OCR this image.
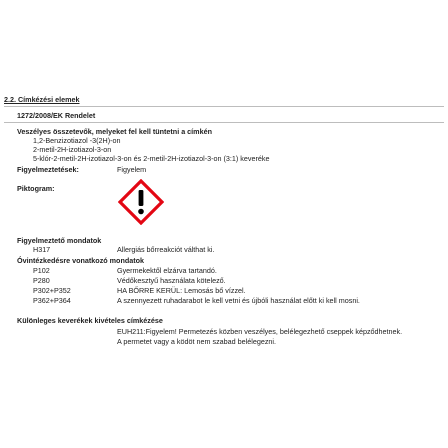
2.2. Címkézési elemek
1272/2008/EK Rendelet
Veszélyes összetevők, melyeket fel kell tüntetni a címkén
1,2-Benzizotiazol -3(2H)-on
2-metil-2H-izotiazol-3-on
5-klór-2-metil-2H-izotiazol-3-on és 2-metil-2H-izotiazol-3-on (3:1) keveréke
Figyelmeztetések:	Figyelem
Piktogram:
Figyelmeztető mondatok
H317	Allergiás bőrreakciót válthat ki.
Óvintézkedésre vonatkozó mondatok
P102	Gyermekektől elzárva tartandó.
P280	Védőkesztyű használata kötelező.
P302+P352	HA BŐRRE KERÜL: Lemosás bő vízzel.
P362+P364	A szennyezett ruhadarabot le kell vetni és újbóli használat előtt ki kell mosni.
Különleges keverékek kivételes címkézése
EUH211:Figyelem! Permetezés közben veszélyes, belélegezhető cseppek képződhetnek.
A permetet vagy a ködöt nem szabad belélegezni.
